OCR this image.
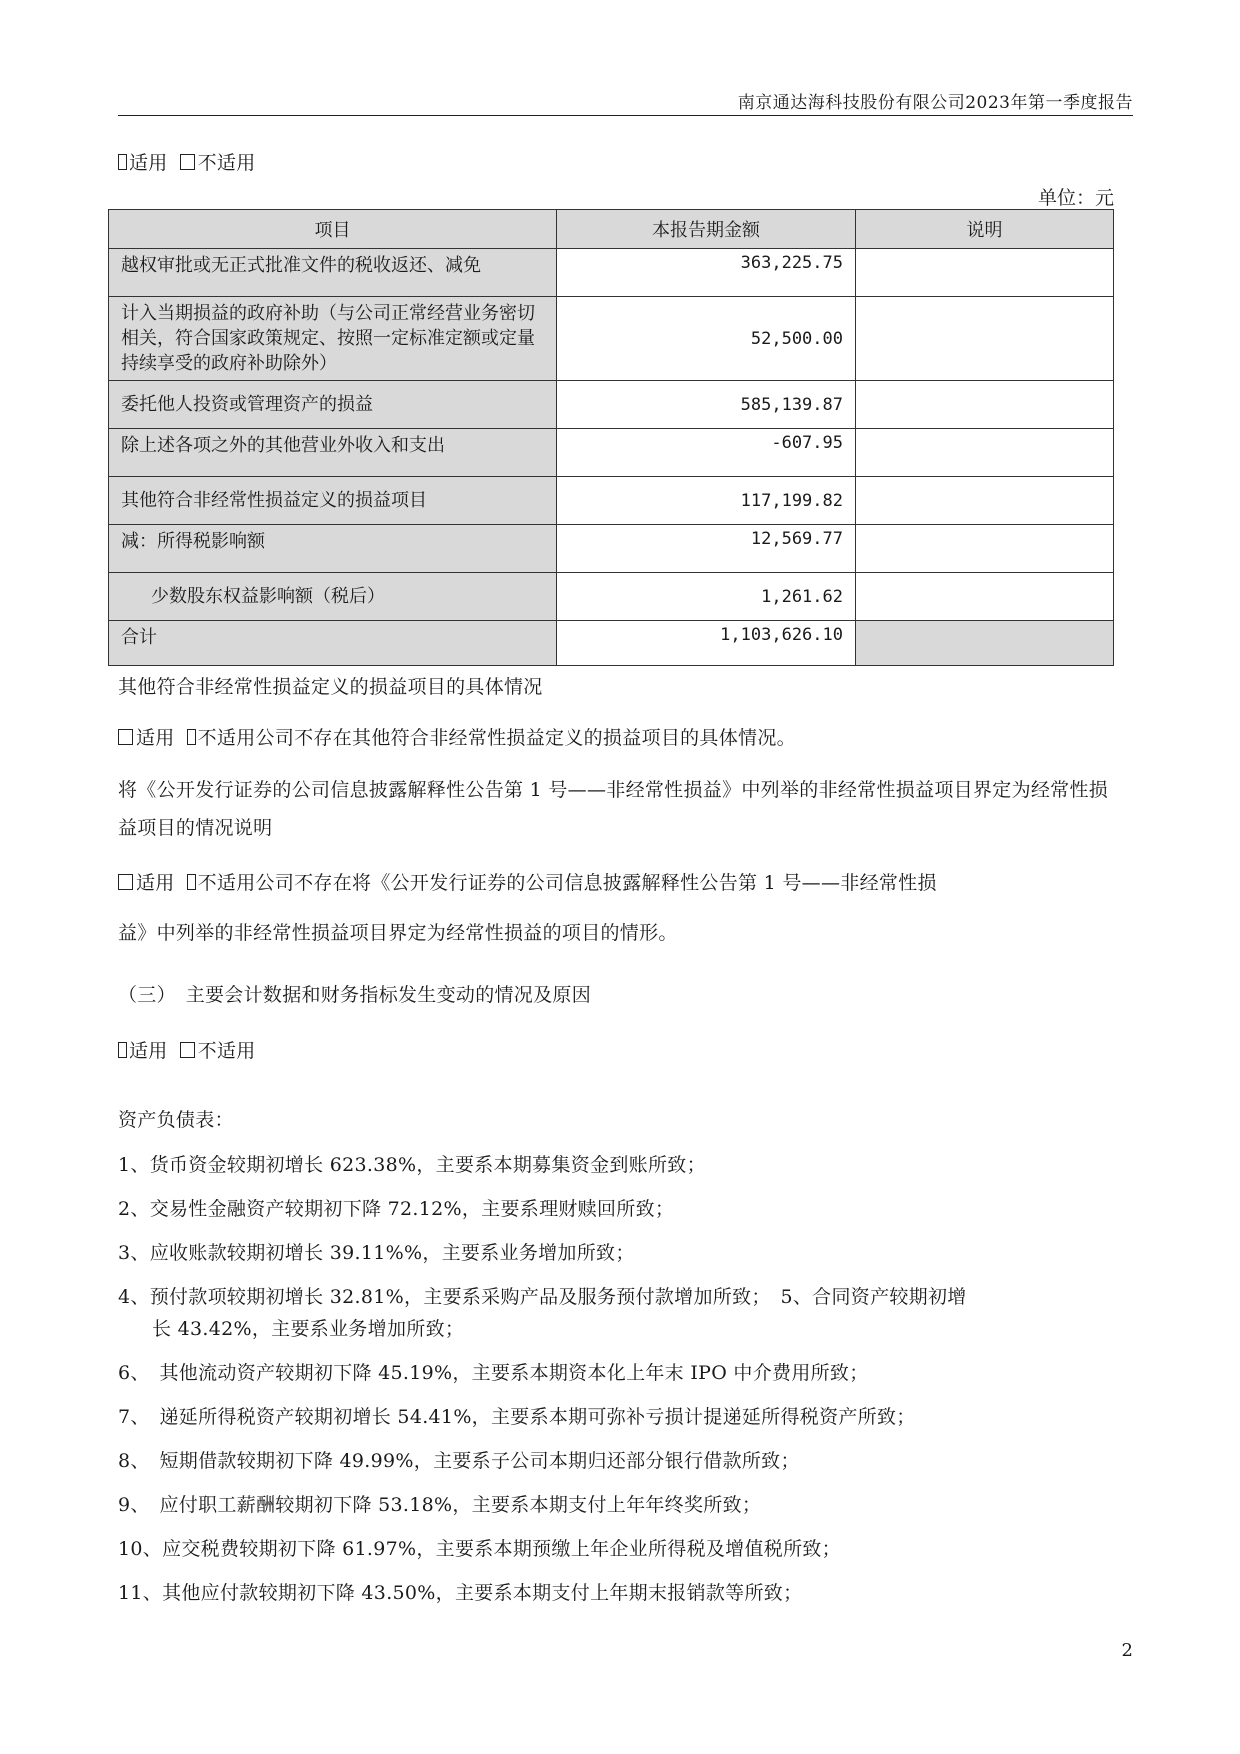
南京通达海科技股份有限公司2023年第一季度报告
适用 不适用
单位：元
项目	本报告期金额	说明
越权审批或无正式批准文件的税收返还、减免	363,225.75	
计入当期损益的政府补助（与公司正常经营业务密切相关，符合国家政策规定、按照一定标准定额或定量持续享受的政府补助除外）	52,500.00	
委托他人投资或管理资产的损益	585,139.87	
除上述各项之外的其他营业外收入和支出	-607.95	
其他符合非经常性损益定义的损益项目	117,199.82	
减：所得税影响额	12,569.77	
少数股东权益影响额（税后）	1,261.62	
合计	1,103,626.10	
其他符合非经常性损益定义的损益项目的具体情况
适用 不适用公司不存在其他符合非经常性损益定义的损益项目的具体情况。
将《公开发行证券的公司信息披露解释性公告第 1 号——非经常性损益》中列举的非经常性损益项目界定为经常性损益项目的情况说明
适用 不适用公司不存在将《公开发行证券的公司信息披露解释性公告第 1 号——非经常性损
益》中列举的非经常性损益项目界定为经常性损益的项目的情形。
（三）　主要会计数据和财务指标发生变动的情况及原因
适用 不适用
资产负债表：
1、货币资金较期初增长 623.38%，主要系本期募集资金到账所致；
2、交易性金融资产较期初下降 72.12%，主要系理财赎回所致；
3、应收账款较期初增长 39.11%%，主要系业务增加所致；
4、预付款项较期初增长 32.81%，主要系采购产品及服务预付款增加所致；　5、合同资产较期初增
长 43.42%，主要系业务增加所致；
6、　其他流动资产较期初下降 45.19%，主要系本期资本化上年末 IPO 中介费用所致；
7、　递延所得税资产较期初增长 54.41%，主要系本期可弥补亏损计提递延所得税资产所致；
8、　短期借款较期初下降 49.99%，主要系子公司本期归还部分银行借款所致；
9、　应付职工薪酬较期初下降 53.18%，主要系本期支付上年年终奖所致；
10、应交税费较期初下降 61.97%，主要系本期预缴上年企业所得税及增值税所致；
11、其他应付款较期初下降 43.50%，主要系本期支付上年期末报销款等所致；
2
